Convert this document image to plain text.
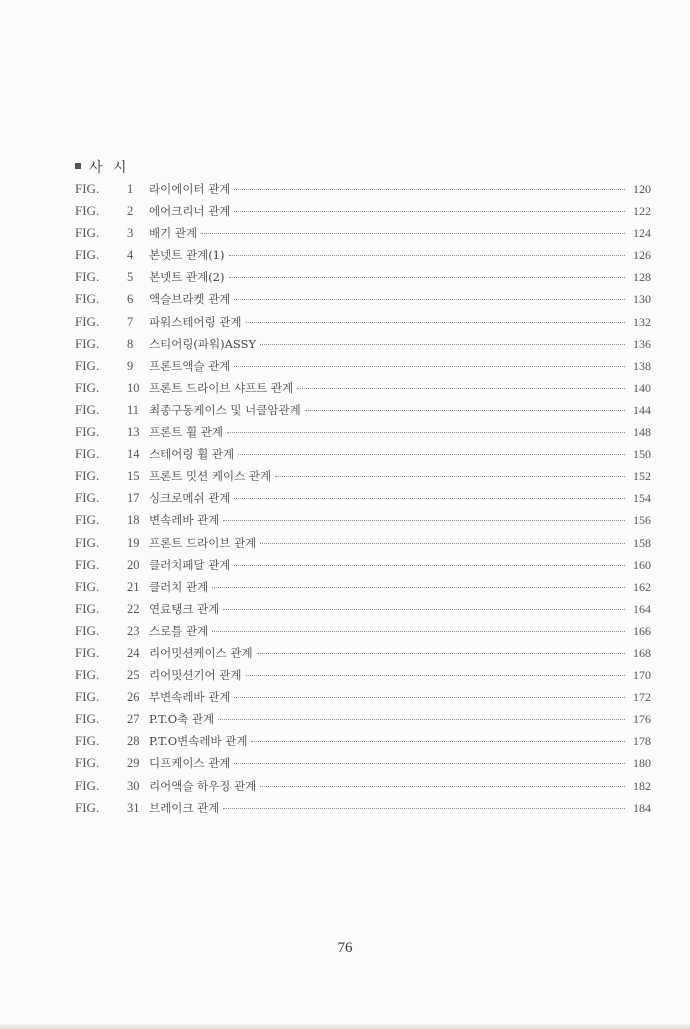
사 시
FIG.	1	라이에이터 관계	120
FIG.	2	에어크리너 관계	122
FIG.	3	배기 관계	124
FIG.	4	본넷트 관계(1)	126
FIG.	5	본넷트 관계(2)	128
FIG.	6	액슬브라켓 관계	130
FIG.	7	파워스테어링 관계	132
FIG.	8	스티어링(파워)ASSY	136
FIG.	9	프론트액슬 관계	138
FIG.	10 프론트 드라이브 샤프트 관계	140
FIG.	11 최종구동케이스 및 너클암관계	144
FIG.	13 프론트 휠 관계	148
FIG.	14 스테어링 휠 관계	150
FIG.	15 프론트 밋션 케이스 관계	152
FIG.	17 싱크로메쉬 관계	154
FIG.	18 변속레바 관계	156
FIG.	19 프론트 드라이브 관계	158
FIG.	20 클러치페달 관계	160
FIG.	21 클러치 관계	162
FIG.	22 연료탱크 관계	164
FIG.	23 스로틀 관계	166
FIG.	24 리어밋션케이스 관계	168
FIG.	25 리어밋션기어 관계	170
FIG.	26 부변속레바 관계	172
FIG.	27 P.T.O축 관계	176
FIG.	28 P.T.O변속레바 관계	178
FIG.	29 디프케이스 관계	180
FIG.	30 리어액슬 하우징 관계	182
FIG.	31 브레이크 관계	184
76
